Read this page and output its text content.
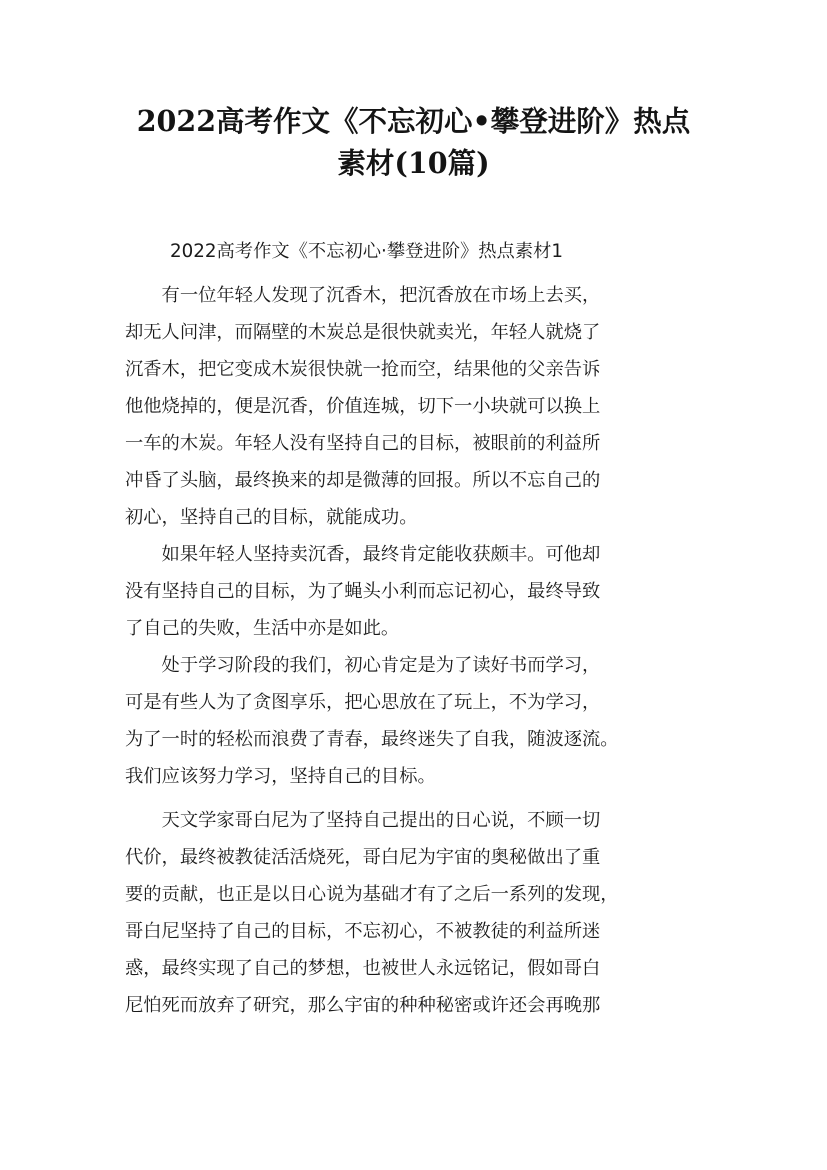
2022高考作文《不忘初心•攀登进阶》热点
素材(10篇)
2022高考作文《不忘初心·攀登进阶》热点素材1
　　有一位年轻人发现了沉香木，把沉香放在市场上去买，
却无人问津，而隔壁的木炭总是很快就卖光，年轻人就烧了
沉香木，把它变成木炭很快就一抢而空，结果他的父亲告诉
他他烧掉的，便是沉香，价值连城，切下一小块就可以换上
一车的木炭。年轻人没有坚持自己的目标，被眼前的利益所
冲昏了头脑，最终换来的却是微薄的回报。所以不忘自己的
初心，坚持自己的目标，就能成功。
　　如果年轻人坚持卖沉香，最终肯定能收获颇丰。可他却
没有坚持自己的目标，为了蝇头小利而忘记初心，最终导致
了自己的失败，生活中亦是如此。
　　处于学习阶段的我们，初心肯定是为了读好书而学习，
可是有些人为了贪图享乐，把心思放在了玩上，不为学习，
为了一时的轻松而浪费了青春，最终迷失了自我，随波逐流。
我们应该努力学习，坚持自己的目标。
　　天文学家哥白尼为了坚持自己提出的日心说，不顾一切
代价，最终被教徒活活烧死，哥白尼为宇宙的奥秘做出了重
要的贡献，也正是以日心说为基础才有了之后一系列的发现，
哥白尼坚持了自己的目标，不忘初心，不被教徒的利益所迷
惑，最终实现了自己的梦想，也被世人永远铭记，假如哥白
尼怕死而放弃了研究，那么宇宙的种种秘密或许还会再晚那
